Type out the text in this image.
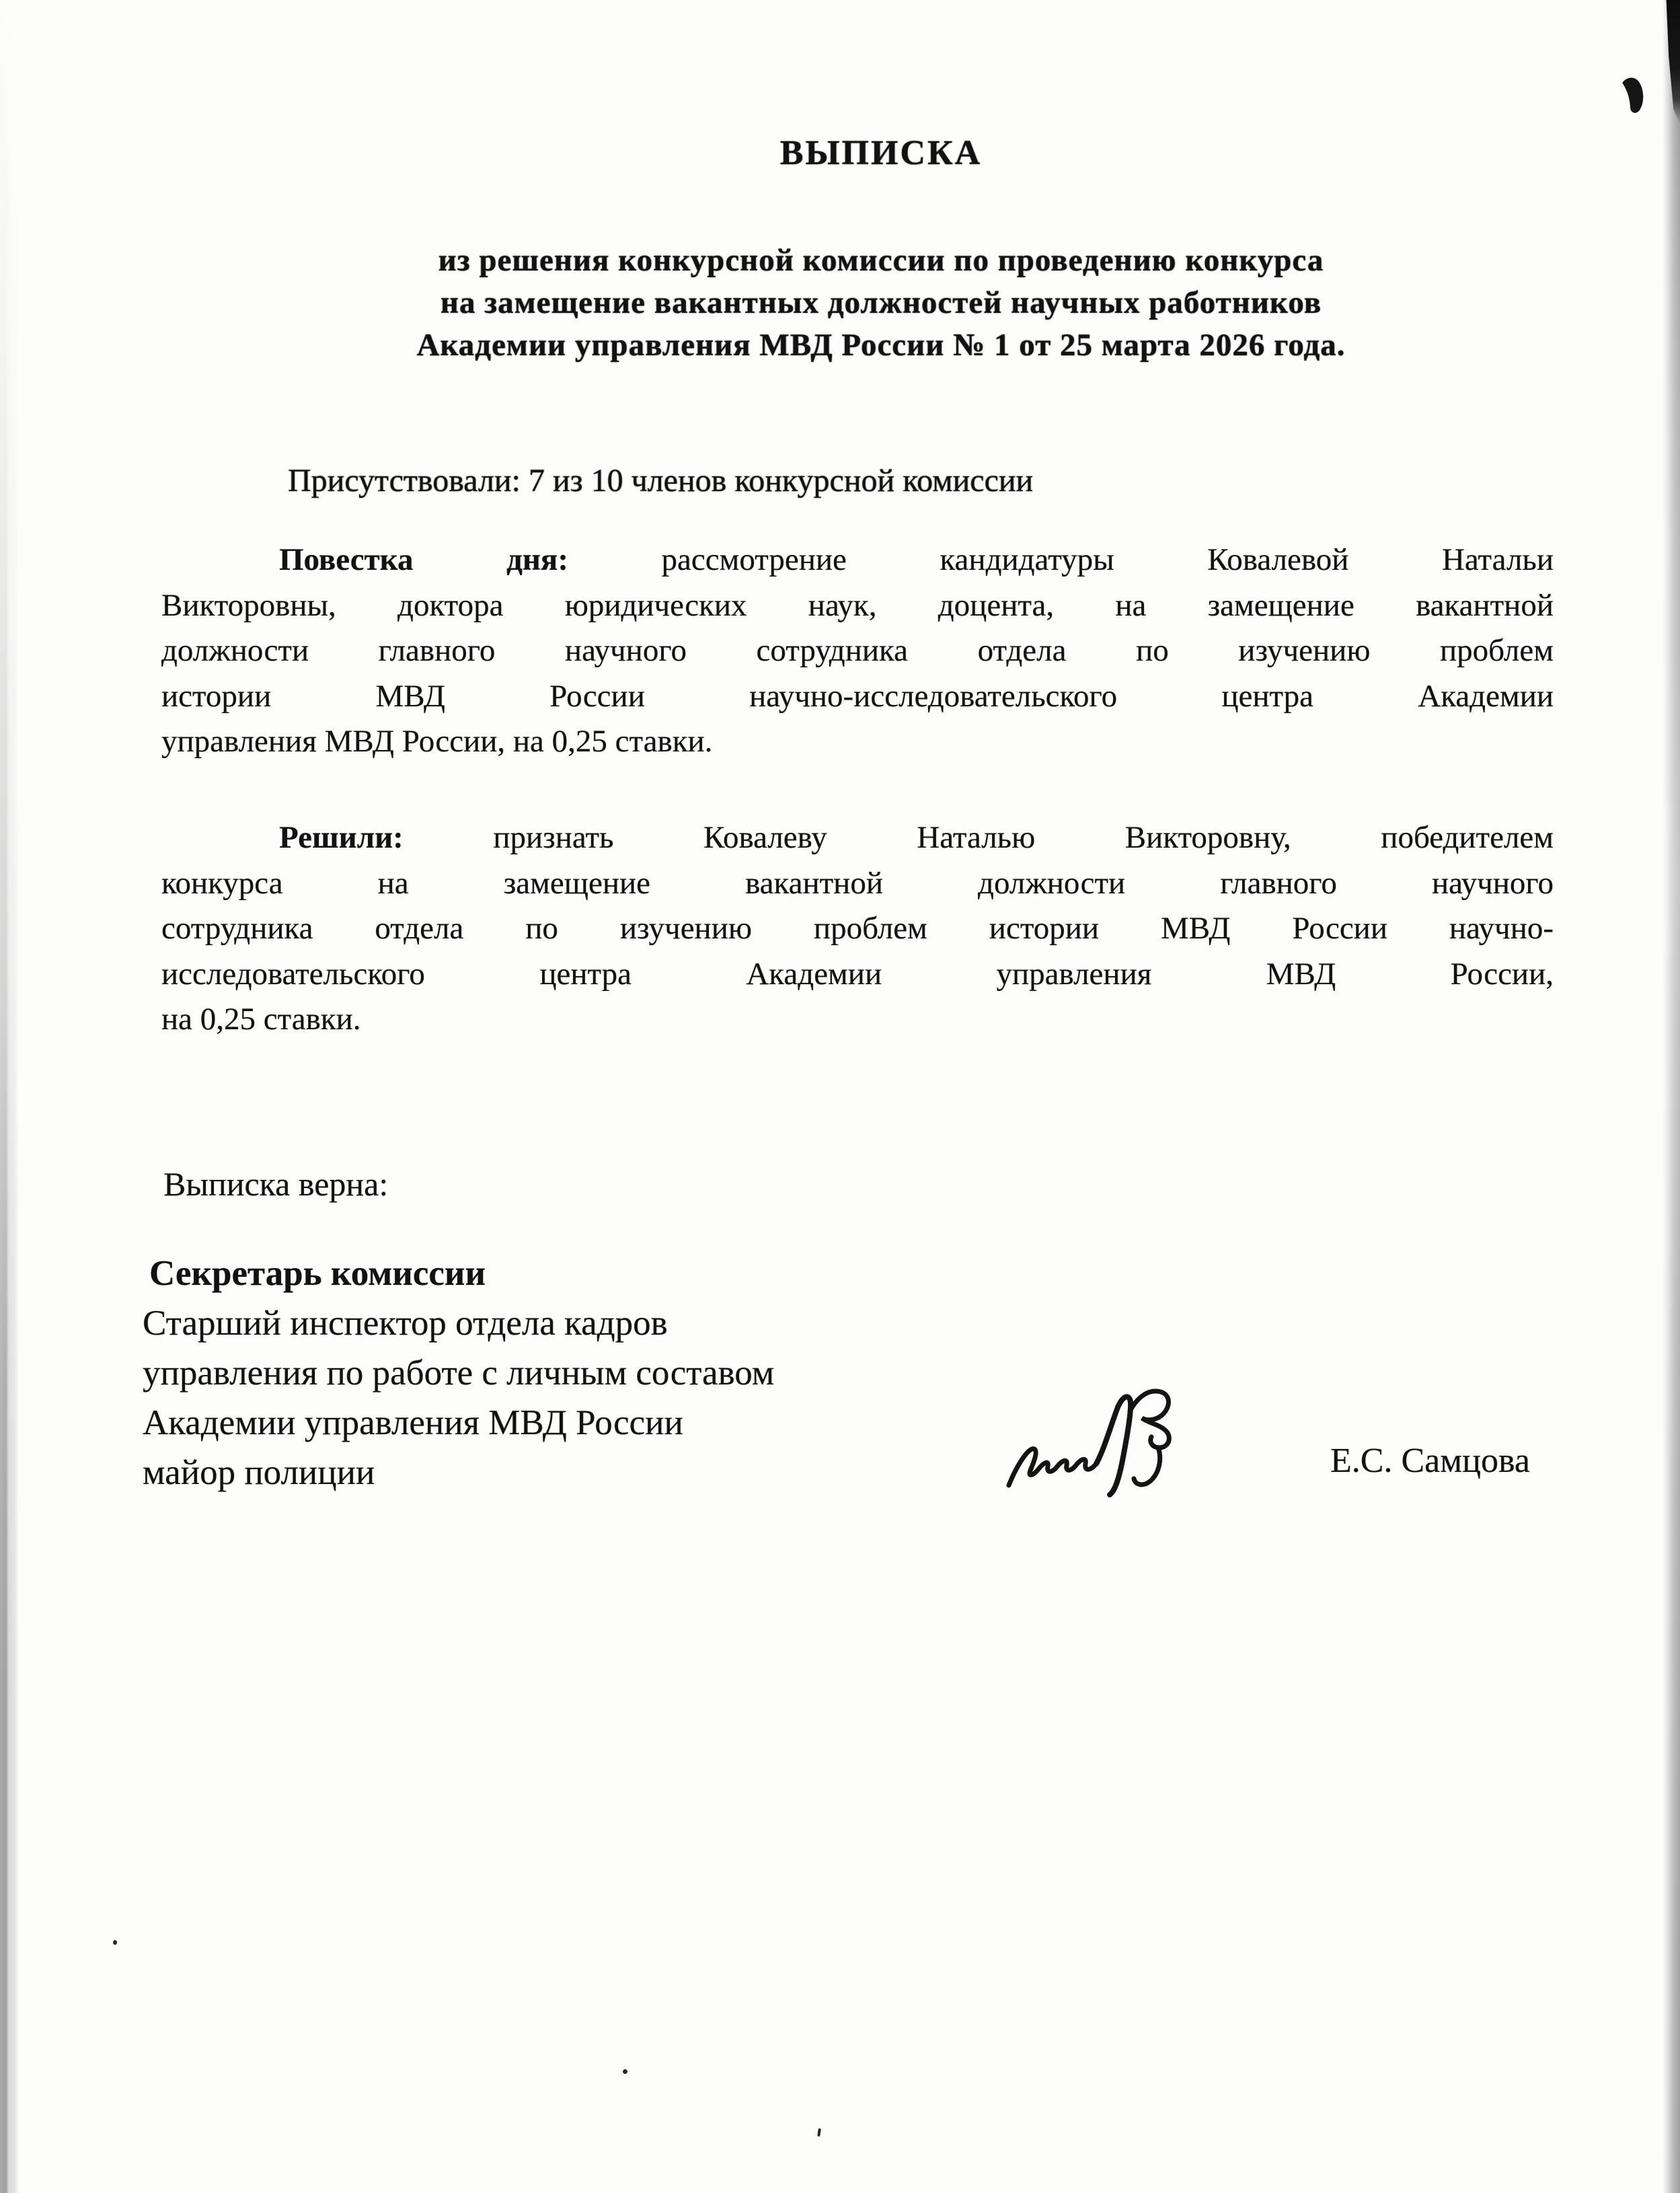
ВЫПИСКА
из решения конкурсной комиссии по проведению конкурса
на замещение вакантных должностей научных работников
Академии управления МВД России № 1 от 25 марта 2026 года.
Присутствовали: 7 из 10 членов конкурсной комиссии
Повестка дня:	рассмотрение кандидатуры Ковалевой Натальи
Викторовны, доктора юридических наук, доцента, на замещение вакантной
должности главного научного сотрудника отдела по изучению проблем
истории МВД России научно-исследовательского центра Академии
управления МВД России, на 0,25 ставки.
Решили:	признать Ковалеву Наталью Викторовну, победителем
конкурса на замещение вакантной должности главного научного
сотрудника отдела по изучению проблем истории МВД России научно-
исследовательского центра Академии управления МВД России,
на 0,25 ставки.
Выписка верна:
Секретарь комиссии
Старший инспектор отдела кадров
управления по работе с личным составом
Академии управления МВД России
майор полиции	Е.С. Самцова
